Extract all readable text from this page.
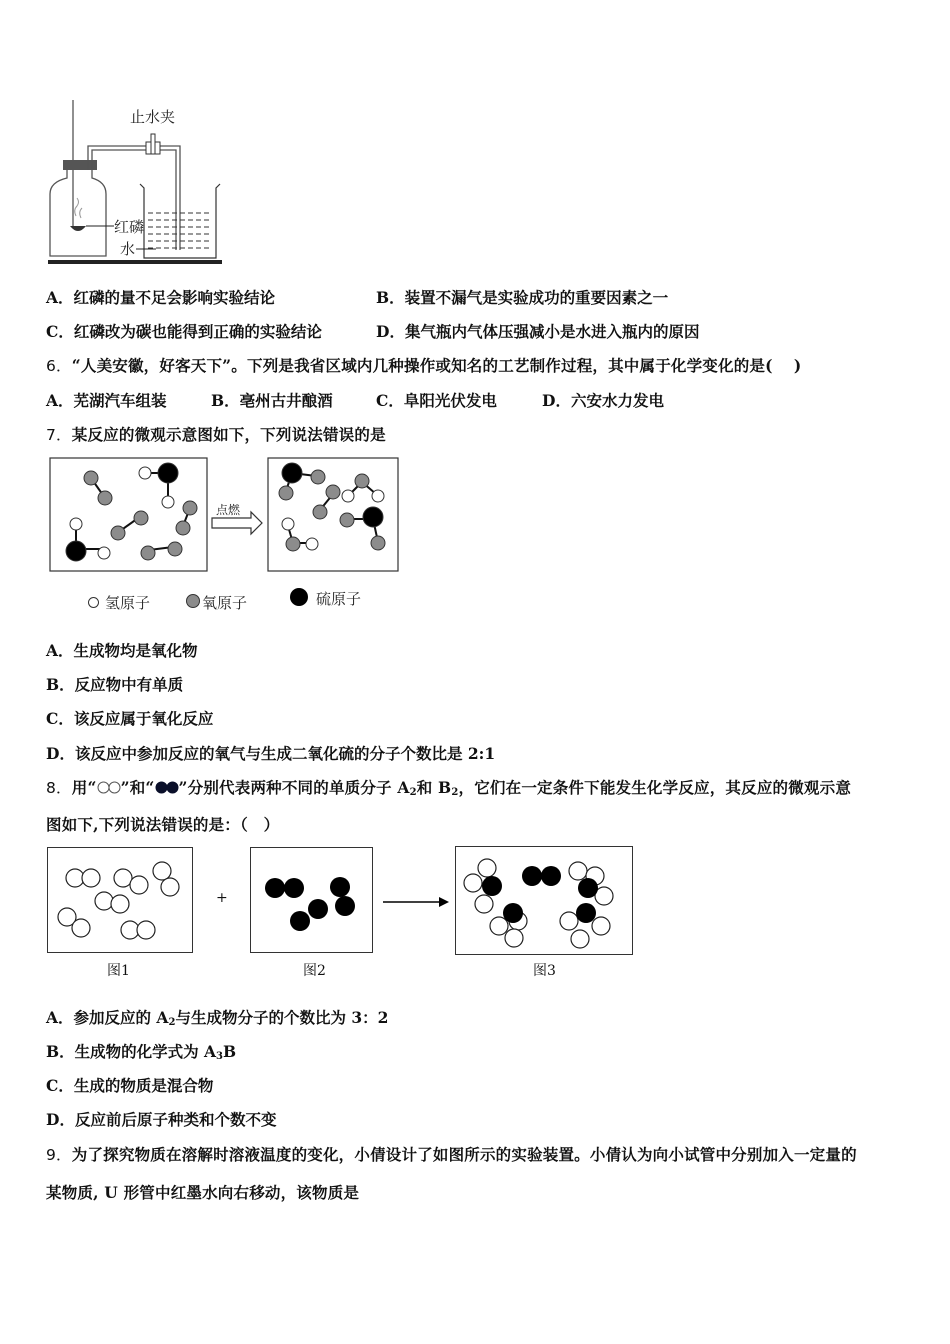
止水夹
红磷
水
A．红磷的量不足会影响实验结论	B．装置不漏气是实验成功的重要因素之一
C．红磷改为碳也能得到正确的实验结论	D．集气瓶内气体压强减小是水进入瓶内的原因
6．“人美安徽，好客天下”。下列是我省区域内几种操作或知名的工艺制作过程，其中属于化学变化的是(　 )
A．芜湖汽车组装	B．亳州古井酿酒	C．阜阳光伏发电	D．六安水力发电
7．某反应的微观示意图如下，下列说法错误的是
点燃
氢原子	氧原子	硫原子
A．生成物均是氧化物
B．反应物中有单质
C．该反应属于氧化反应
D．该反应中参加反应的氧气与生成二氧化硫的分子个数比是 2:1
8．用“ ”和“ ”分别代表两种不同的单质分子 $A_2$和 $B_2$，它们在一定条件下能发生化学反应，其反应的微观示意
图如下,下列说法错误的是：（　）
图1
+
图2	图3
A．参加反应的 $A_2$与生成物分子的个数比为 3：2
B．生成物的化学式为 $A_3B$
C．生成的物质是混合物
D．反应前后原子种类和个数不变
9．为了探究物质在溶解时溶液温度的变化，小倩设计了如图所示的实验装置。小倩认为向小试管中分别加入一定量的
某物质, U 形管中红墨水向右移动，该物质是
